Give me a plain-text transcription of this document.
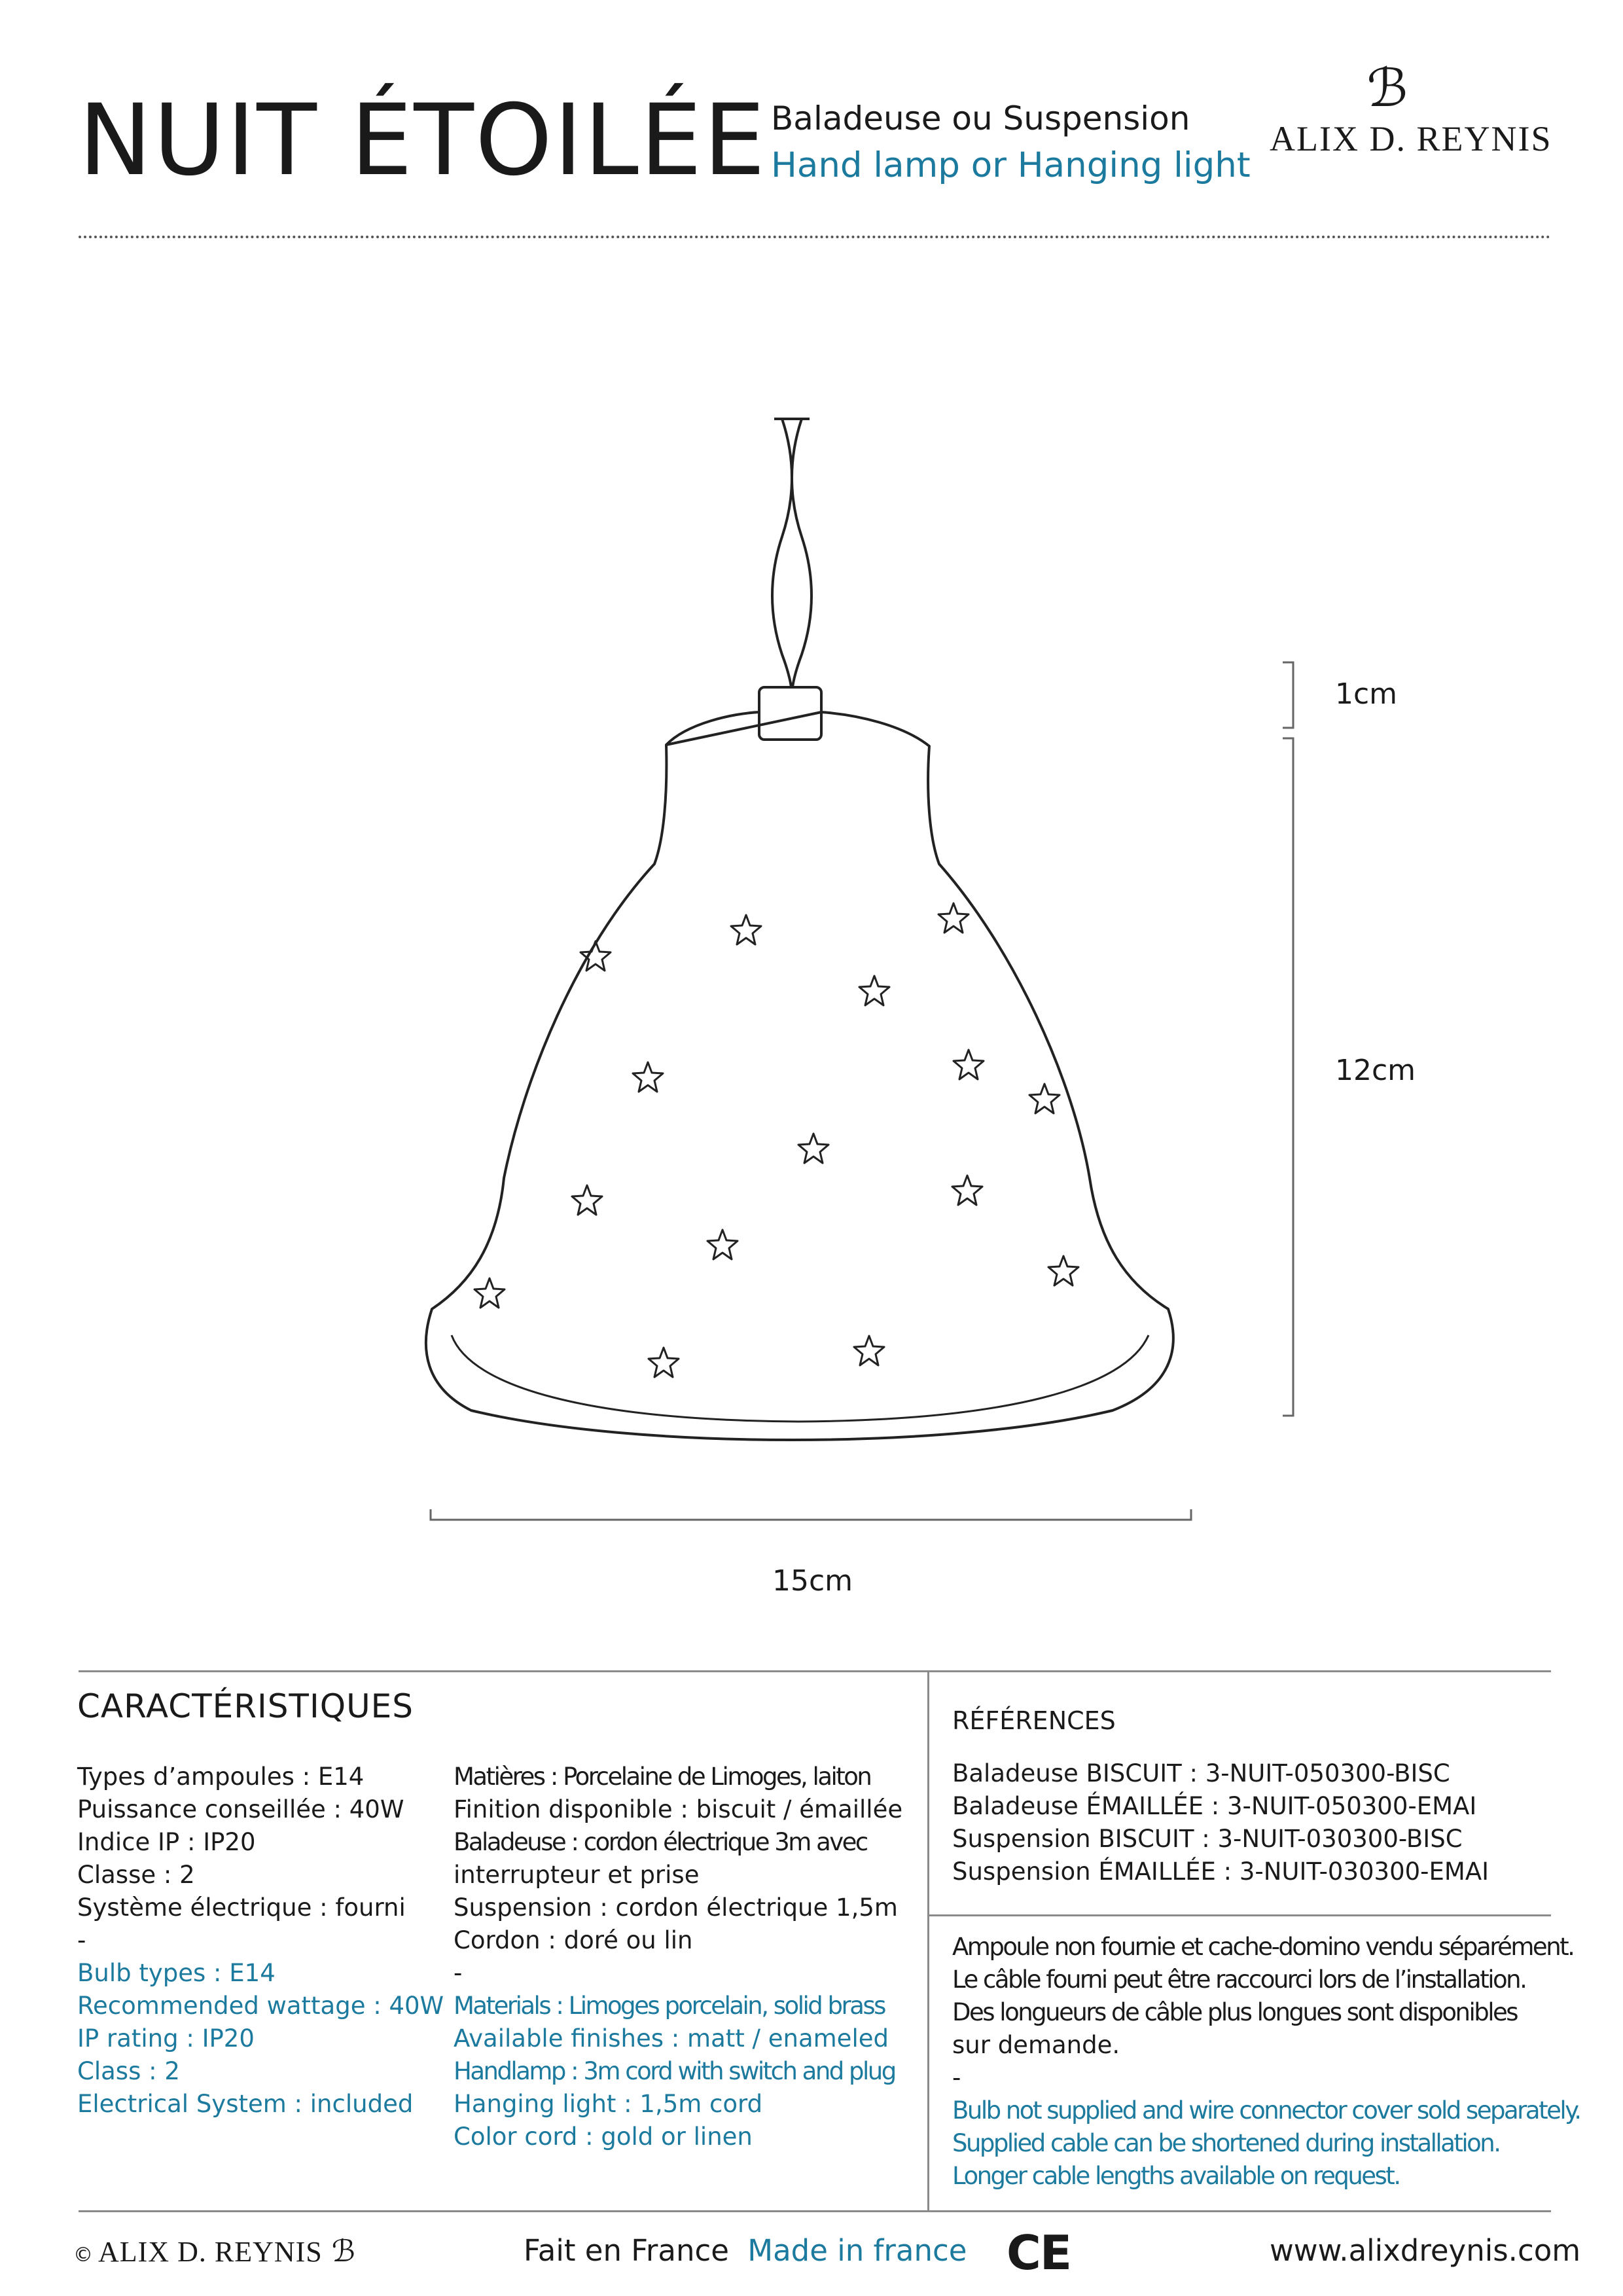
NUIT ÉTOILÉE Baladeuse ou Suspension
Hand lamp or Hanging light
ℬ
ALIX D. REYNIS
1cm
12cm
15cm
CARACTÉRISTIQUES
Types d’ampoules : E14
Puissance conseillée : 40W
Indice IP : IP20
Classe : 2
Système électrique : fourni
-
Bulb types : E14
Recommended wattage : 40W
IP rating : IP20
Class : 2
Electrical System : included
Matières : Porcelaine de Limoges, laiton
Finition disponible : biscuit / émaillée
Baladeuse : cordon électrique 3m avec
interrupteur et prise
Suspension : cordon électrique 1,5m
Cordon : doré ou lin
-
Materials : Limoges porcelain, solid brass
Available finishes : matt / enameled
Handlamp : 3m cord with switch and plug
Hanging light : 1,5m cord
Color cord : gold or linen
RÉFÉRENCES
Baladeuse BISCUIT : 3-NUIT-050300-BISC
Baladeuse ÉMAILLÉE : 3-NUIT-050300-EMAI
Suspension BISCUIT : 3-NUIT-030300-BISC
Suspension ÉMAILLÉE : 3-NUIT-030300-EMAI
Ampoule non fournie et cache-domino vendu séparément.
Le câble fourni peut être raccourci lors de l’installation.
Des longueurs de câble plus longues sont disponibles
sur demande.
-
Bulb not supplied and wire connector cover sold separately.
Supplied cable can be shortened during installation.
Longer cable lengths available on request.
© ALIX D. REYNIS ℬ	Fait en France Made in france CE	www.alixdreynis.com
